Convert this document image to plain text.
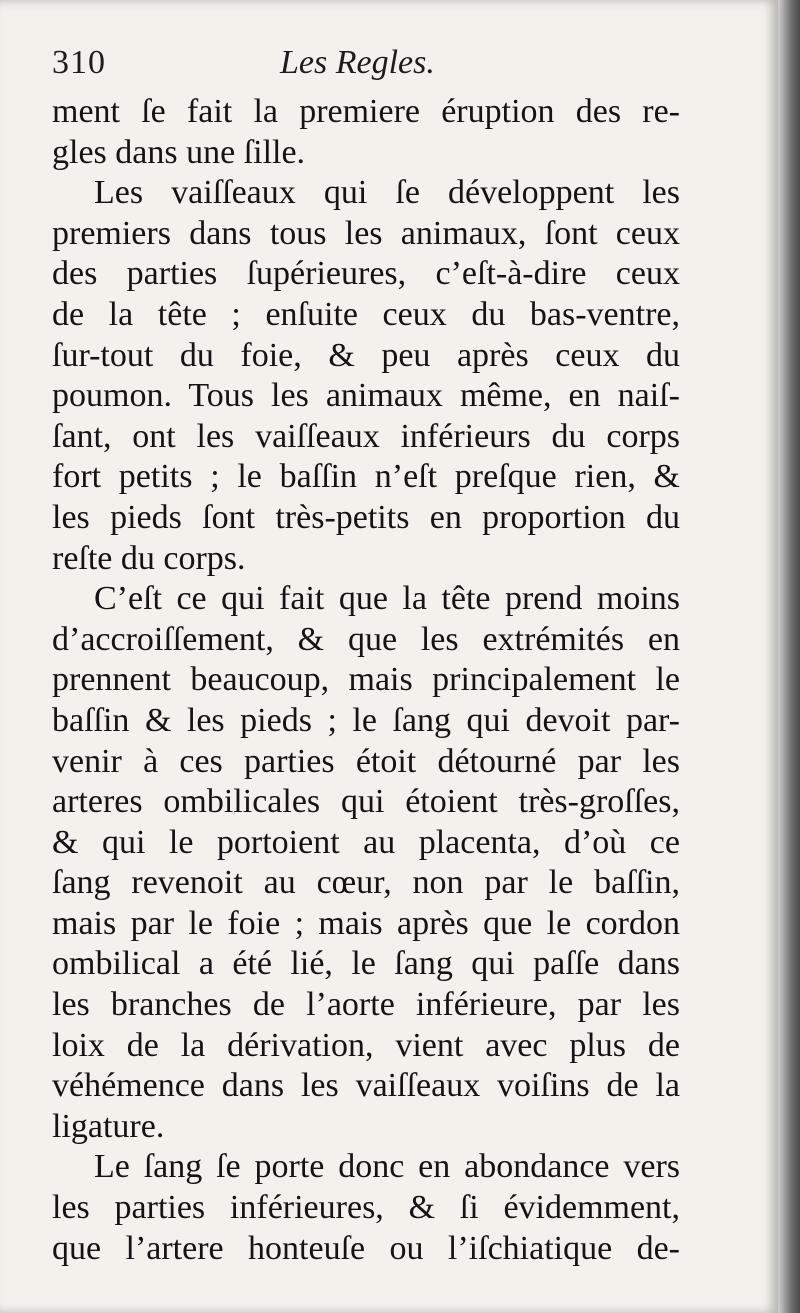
310	Les Regles.
ment ſe fait la premiere éruption des re-
gles dans une ſille.
Les vaiſſeaux qui ſe développent les
premiers dans tous les animaux, ſont ceux
des parties ſupérieures, c’eſt-à-dire ceux
de la tête ; enſuite ceux du bas-ventre,
ſur-tout du foie, & peu après ceux du
poumon. Tous les animaux même, en naiſ-
ſant, ont les vaiſſeaux inférieurs du corps
fort petits ; le baſſin n’eſt preſque rien, &
les pieds ſont très-petits en proportion du
reſte du corps.
C’eſt ce qui fait que la tête prend moins
d’accroiſſement, & que les extrémités en
prennent beaucoup, mais principalement le
baſſin & les pieds ; le ſang qui devoit par-
venir à ces parties étoit détourné par les
arteres ombilicales qui étoient très-groſſes,
& qui le portoient au placenta, d’où ce
ſang revenoit au cœur, non par le baſſin,
mais par le foie ; mais après que le cordon
ombilical a été lié, le ſang qui paſſe dans
les branches de l’aorte inférieure, par les
loix de la dérivation, vient avec plus de
véhémence dans les vaiſſeaux voiſins de la
ligature.
Le ſang ſe porte donc en abondance vers
les parties inférieures, & ſi évidemment,
que l’artere honteuſe ou l’iſchiatique de-
